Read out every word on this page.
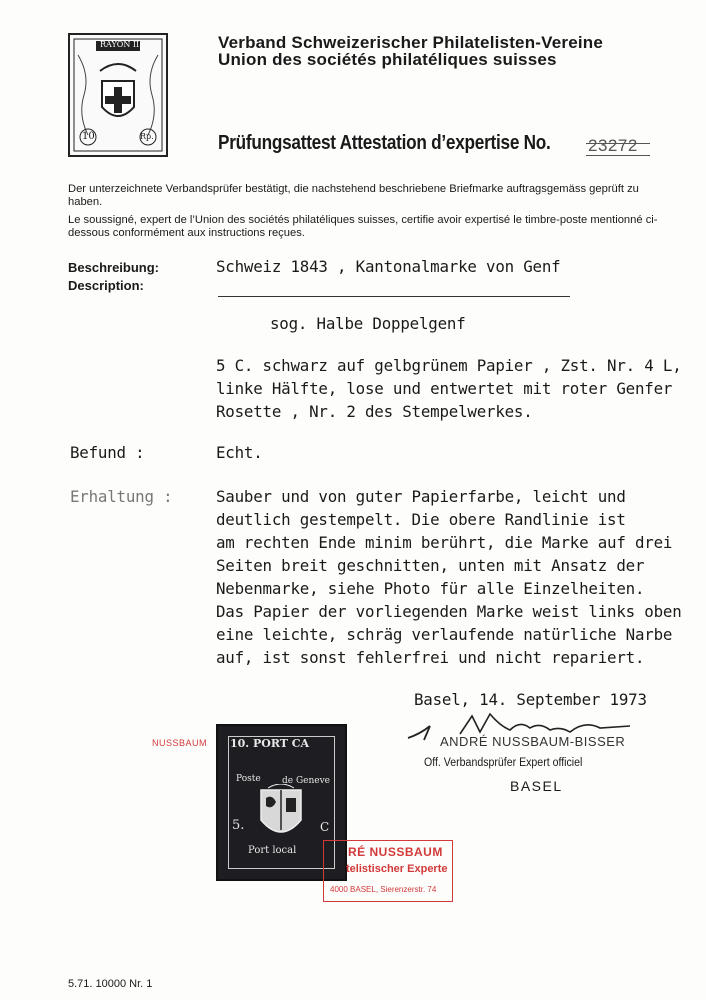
RAYON II.
10	Rp.
Verband Schweizerischer Philatelisten-Vereine
Union des sociétés philatéliques suisses
Prüfungsattest Attestation d’expertise No. 23272
Der unterzeichnete Verbandsprüfer bestätigt, die nachstehend beschriebene Briefmarke auftragsgemäss geprüft zu haben.
Le soussigné, expert de l’Union des sociétés philatéliques suisses, certifie avoir expertisé le timbre-poste mentionné ci-dessous conformément aux instructions reçues.
Beschreibung:
Description:
Schweiz 1843 , Kantonalmarke von Genf
sog. Halbe Doppelgenf
5 C. schwarz auf gelbgrünem Papier , Zst. Nr. 4 L,
linke Hälfte, lose und entwertet mit roter Genfer
Rosette , Nr. 2 des Stempelwerkes.
Befund :	Echt.
Erhaltung :	Sauber und von guter Papierfarbe, leicht und
deutlich gestempelt. Die obere Randlinie ist
am rechten Ende minim berührt, die Marke auf drei
Seiten breit geschnitten, unten mit Ansatz der
Nebenmarke, siehe Photo für alle Einzelheiten.
Das Papier der vorliegenden Marke weist links oben
eine leichte, schräg verlaufende natürliche Narbe
auf, ist sonst fehlerfrei und nicht repariert.
Basel, 14. September 1973
NUSSBAUM 10. PORT CA
Poste de Geneve
5.	C
Port local
ANDRÉ NUSSBAUM-BISSER
Off. Verbandsprüfer Expert officiel
BASEL
RÉ NUSSBAUM
telistischer Experte
4000 BASEL, Sierenzerstr. 74
5.71. 10000 Nr. 1
